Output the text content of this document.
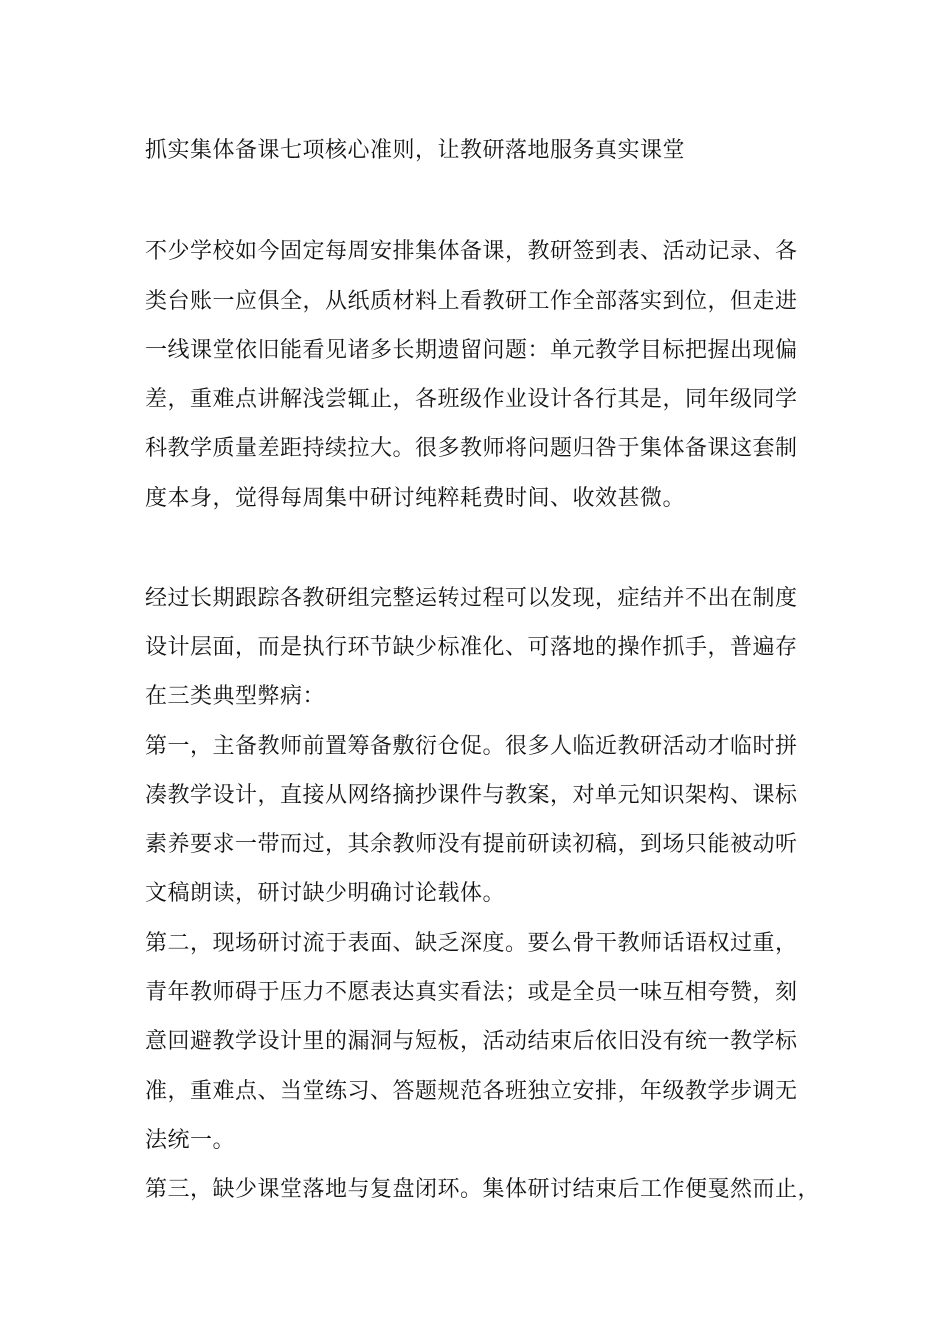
抓实集体备课七项核心准则，让教研落地服务真实课堂
不少学校如今固定每周安排集体备课，教研签到表、活动记录、各
类台账一应俱全，从纸质材料上看教研工作全部落实到位，但走进
一线课堂依旧能看见诸多长期遗留问题：单元教学目标把握出现偏
差，重难点讲解浅尝辄止，各班级作业设计各行其是，同年级同学
科教学质量差距持续拉大。很多教师将问题归咎于集体备课这套制
度本身，觉得每周集中研讨纯粹耗费时间、收效甚微。
经过长期跟踪各教研组完整运转过程可以发现，症结并不出在制度
设计层面，而是执行环节缺少标准化、可落地的操作抓手，普遍存
在三类典型弊病：
第一，主备教师前置筹备敷衍仓促。很多人临近教研活动才临时拼
凑教学设计，直接从网络摘抄课件与教案，对单元知识架构、课标
素养要求一带而过，其余教师没有提前研读初稿，到场只能被动听
文稿朗读，研讨缺少明确讨论载体。
第二，现场研讨流于表面、缺乏深度。要么骨干教师话语权过重，
青年教师碍于压力不愿表达真实看法；或是全员一味互相夸赞，刻
意回避教学设计里的漏洞与短板，活动结束后依旧没有统一教学标
准，重难点、当堂练习、答题规范各班独立安排，年级教学步调无
法统一。
第三，缺少课堂落地与复盘闭环。集体研讨结束后工作便戛然而止，
